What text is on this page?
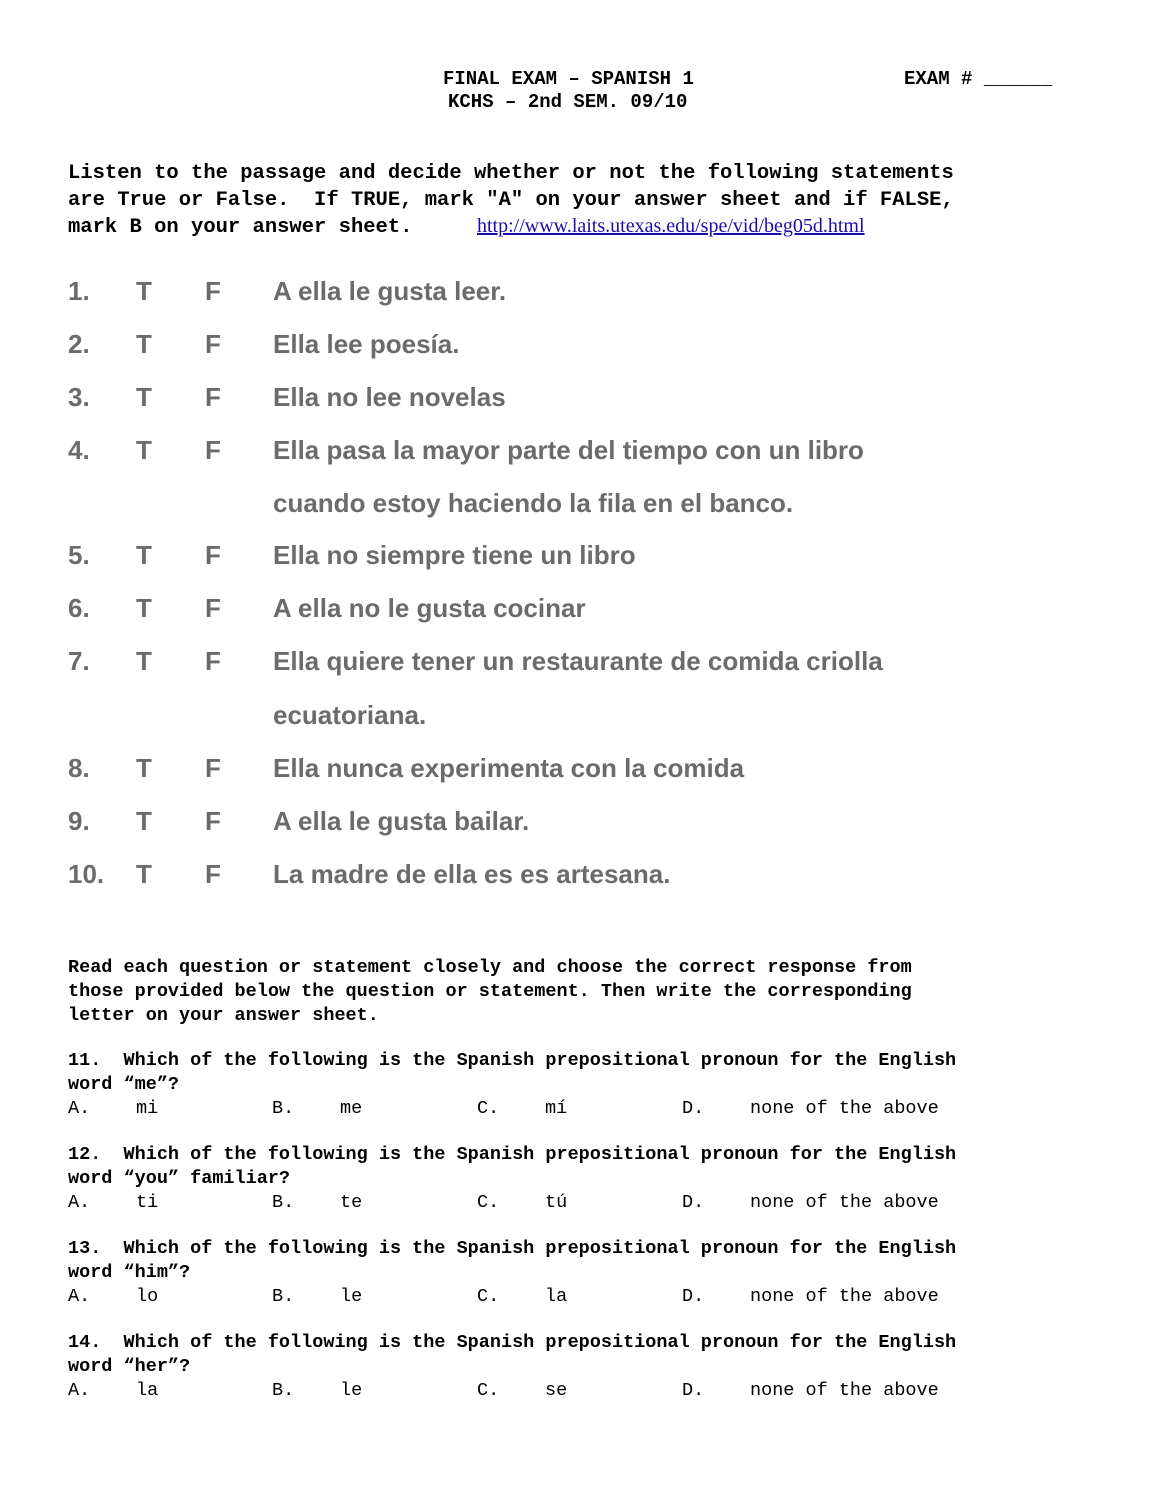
FINAL EXAM – SPANISH 1
KCHS – 2nd SEM. 09/10
EXAM # ______
Listen to the passage and decide whether or not the following statements
are True or False.  If TRUE, mark "A" on your answer sheet and if FALSE,
mark B on your answer sheet.	http://www.laits.utexas.edu/spe/vid/beg05d.html
1. T F A ella le gusta leer.
2. T F Ella lee poesía.
3. T F Ella no lee novelas
4. T F Ella pasa la mayor parte del tiempo con un libro
cuando estoy haciendo la fila en el banco.
5. T F Ella no siempre tiene un libro
6. T F A ella no le gusta cocinar
7. T F Ella quiere tener un restaurante de comida criolla
ecuatoriana.
8. T F Ella nunca experimenta con la comida
9. T F A ella le gusta bailar.
10. T F La madre de ella es es artesana.
Read each question or statement closely and choose the correct response from
those provided below the question or statement. Then write the corresponding
letter on your answer sheet.
11.  Which of the following is the Spanish prepositional pronoun for the English
word “me”?
A. mi	B. me	C. mí	D. none of the above
12.  Which of the following is the Spanish prepositional pronoun for the English
word “you” familiar?
A. ti	B. te	C. tú	D. none of the above
13.  Which of the following is the Spanish prepositional pronoun for the English
word “him”?
A. lo	B. le	C. la	D. none of the above
14.  Which of the following is the Spanish prepositional pronoun for the English
word “her”?
A. la	B. le	C. se	D. none of the above
